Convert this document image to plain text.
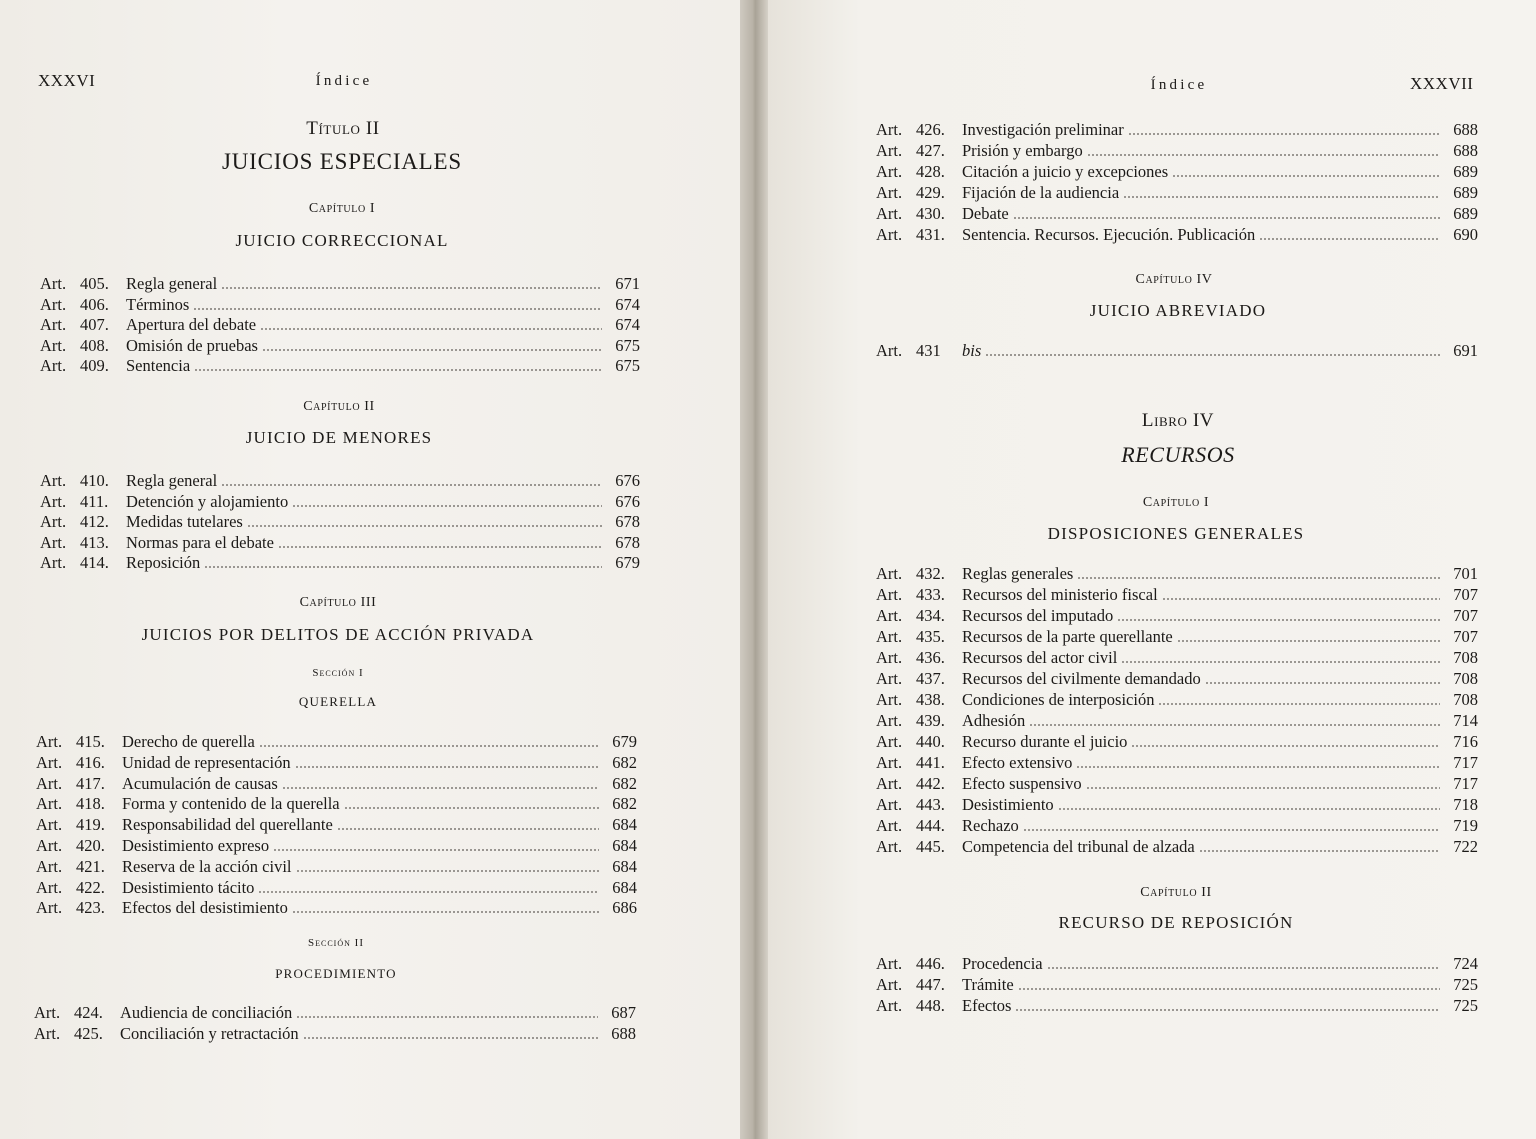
XXXVI	Índice
Título II
JUICIOS ESPECIALES
Capítulo I
JUICIO CORRECCIONAL
Art. 405.	Regla general	671
Art. 406.	Términos	674
Art. 407.	Apertura del debate	674
Art. 408.	Omisión de pruebas	675
Art. 409.	Sentencia	675
Capítulo II
JUICIO DE MENORES
Art. 410.	Regla general	676
Art. 411.	Detención y alojamiento	676
Art. 412.	Medidas tutelares	678
Art. 413.	Normas para el debate	678
Art. 414.	Reposición	679
Capítulo III
JUICIOS POR DELITOS DE ACCIÓN PRIVADA
Sección I
QUERELLA
Art. 415.	Derecho de querella	679
Art. 416.	Unidad de representación	682
Art. 417.	Acumulación de causas	682
Art. 418.	Forma y contenido de la querella	682
Art. 419.	Responsabilidad del querellante	684
Art. 420.	Desistimiento expreso	684
Art. 421.	Reserva de la acción civil	684
Art. 422.	Desistimiento tácito	684
Art. 423.	Efectos del desistimiento	686
Sección II
PROCEDIMIENTO
Art. 424.	Audiencia de conciliación	687
Art. 425.	Conciliación y retractación	688
Índice	XXXVII
Art. 426.	Investigación preliminar	688
Art. 427.	Prisión y embargo	688
Art. 428.	Citación a juicio y excepciones	689
Art. 429.	Fijación de la audiencia	689
Art. 430.	Debate	689
Art. 431.	Sentencia. Recursos. Ejecución. Publicación	690
Capítulo IV
JUICIO ABREVIADO
Art. 431	bis	691
Libro IV
RECURSOS
Capítulo I
DISPOSICIONES GENERALES
Art. 432.	Reglas generales	701
Art. 433.	Recursos del ministerio fiscal	707
Art. 434.	Recursos del imputado	707
Art. 435.	Recursos de la parte querellante	707
Art. 436.	Recursos del actor civil	708
Art. 437.	Recursos del civilmente demandado	708
Art. 438.	Condiciones de interposición	708
Art. 439.	Adhesión	714
Art. 440.	Recurso durante el juicio	716
Art. 441.	Efecto extensivo	717
Art. 442.	Efecto suspensivo	717
Art. 443.	Desistimiento	718
Art. 444.	Rechazo	719
Art. 445.	Competencia del tribunal de alzada	722
Capítulo II
RECURSO DE REPOSICIÓN
Art. 446.	Procedencia	724
Art. 447.	Trámite	725
Art. 448.	Efectos	725
